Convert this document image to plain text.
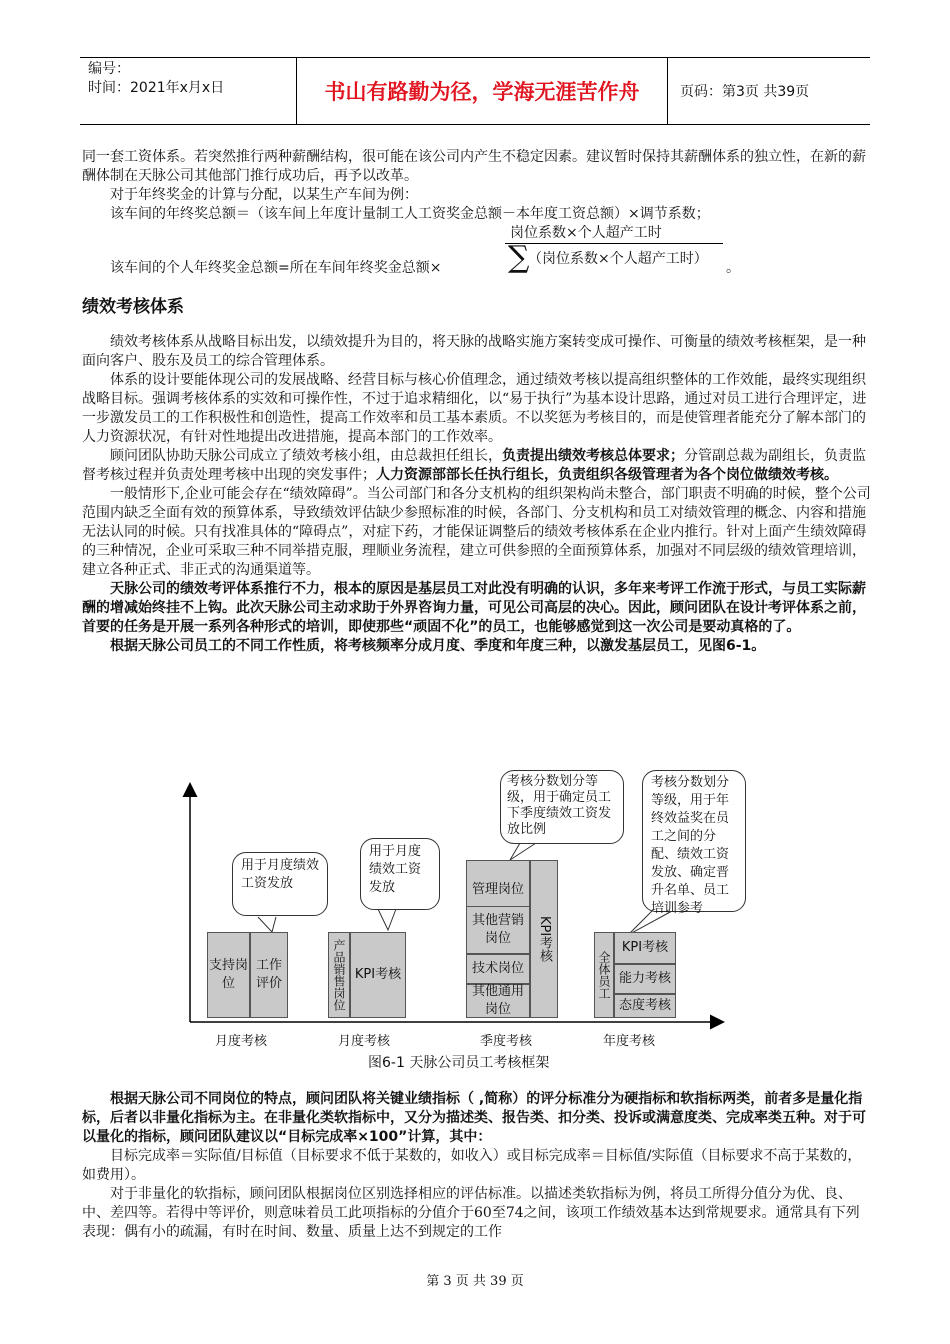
编号：
时间：2021年x月x日	书山有路勤为径，学海无涯苦作舟	页码：第3页 共39页

同一套工资体系。若突然推行两种薪酬结构，很可能在该公司内产生不稳定因素。建议暂时保持其薪酬体系的独立性，在新的薪酬体制在天脉公司其他部门推行成功后，再予以改革。

对于年终奖金的计算与分配，以某生产车间为例：

该车间的年终奖总额＝（该车间上年度计量制工人工资奖金总额－本年度工资总额）×调节系数；

岗位系数×个人超产工时
该车间的个人年终奖金总额=所在车间年终奖金总额× ∑
（岗位系数×个人超产工时）
。
绩效考核体系

绩效考核体系从战略目标出发，以绩效提升为目的，将天脉的战略实施方案转变成可操作、可衡量的绩效考核框架，是一种面向客户、股东及员工的综合管理体系。

体系的设计要能体现公司的发展战略、经营目标与核心价值理念，通过绩效考核以提高组织整体的工作效能，最终实现组织战略目标。强调考核体系的实效和可操作性，不过于追求精细化，以“易于执行”为基本设计思路，通过对员工进行合理评定，进一步激发员工的工作积极性和创造性，提高工作效率和员工基本素质。不以奖惩为考核目的，而是使管理者能充分了解本部门的人力资源状况，有针对性地提出改进措施，提高本部门的工作效率。

顾问团队协助天脉公司成立了绩效考核小组，由总裁担任组长，负责提出绩效考核总体要求；分管副总裁为副组长，负责监督考核过程并负责处理考核中出现的突发事件；人力资源部部长任执行组长，负责组织各级管理者为各个岗位做绩效考核。

一般情形下,企业可能会存在“绩效障碍”。当公司部门和各分支机构的组织架构尚未整合，部门职责不明确的时候，整个公司范围内缺乏全面有效的预算体系，导致绩效评估缺少参照标准的时候，各部门、分支机构和员工对绩效管理的概念、内容和措施无法认同的时候。只有找准具体的“障碍点”，对症下药，才能保证调整后的绩效考核体系在企业内推行。针对上面产生绩效障碍的三种情况，企业可采取三种不同举措克服，理顺业务流程，建立可供参照的全面预算体系，加强对不同层级的绩效管理培训，建立各种正式、非正式的沟通渠道等。

天脉公司的绩效考评体系推行不力，根本的原因是基层员工对此没有明确的认识，多年来考评工作流于形式，与员工实际薪酬的增减始终挂不上钩。此次天脉公司主动求助于外界咨询力量，可见公司高层的决心。因此，顾问团队在设计考评体系之前，首要的任务是开展一系列各种形式的培训，即使那些“顽固不化”的员工，也能够感觉到这一次公司是要动真格的了。

根据天脉公司员工的不同工作性质，将考核频率分成月度、季度和年度三种，以激发基层员工，见图6-1。

支持岗位
工作评价
用于月度绩效工资发放
月度考核
产品销售岗位 KPI考核
用于月度绩效工资发放
月度考核
管理岗位
其他营销岗位
技术岗位
其他通用岗位
KPI考核
考核分数划分等级，用于确定员工下季度绩效工资发放比例
季度考核
全体员工
KPI考核
能力考核
态度考核
考核分数划分等级，用于年终效益奖在员工之间的分配、绩效工资发放、确定晋升名单、员工培训参考
年度考核
图6-1 天脉公司员工考核框架

根据天脉公司不同岗位的特点，顾问团队将关键业绩指标（ ,简称）的评分标准分为硬指标和软指标两类，前者多是量化指标，后者以非量化指标为主。在非量化类软指标中，又分为描述类、报告类、扣分类、投诉或满意度类、完成率类五种。对于可以量化的指标，顾问团队建议以“目标完成率×100”计算，其中：

目标完成率＝实际值/目标值（目标要求不低于某数的，如收入）或目标完成率＝目标值/实际值（目标要求不高于某数的，如费用）。

对于非量化的软指标，顾问团队根据岗位区别选择相应的评估标准。以描述类软指标为例，将员工所得分值分为优、良、中、差四等。若得中等评价，则意味着员工此项指标的分值介于60至74之间，该项工作绩效基本达到常规要求。通常具有下列表现：偶有小的疏漏，有时在时间、数量、质量上达不到规定的工作

第 3 页 共 39 页
